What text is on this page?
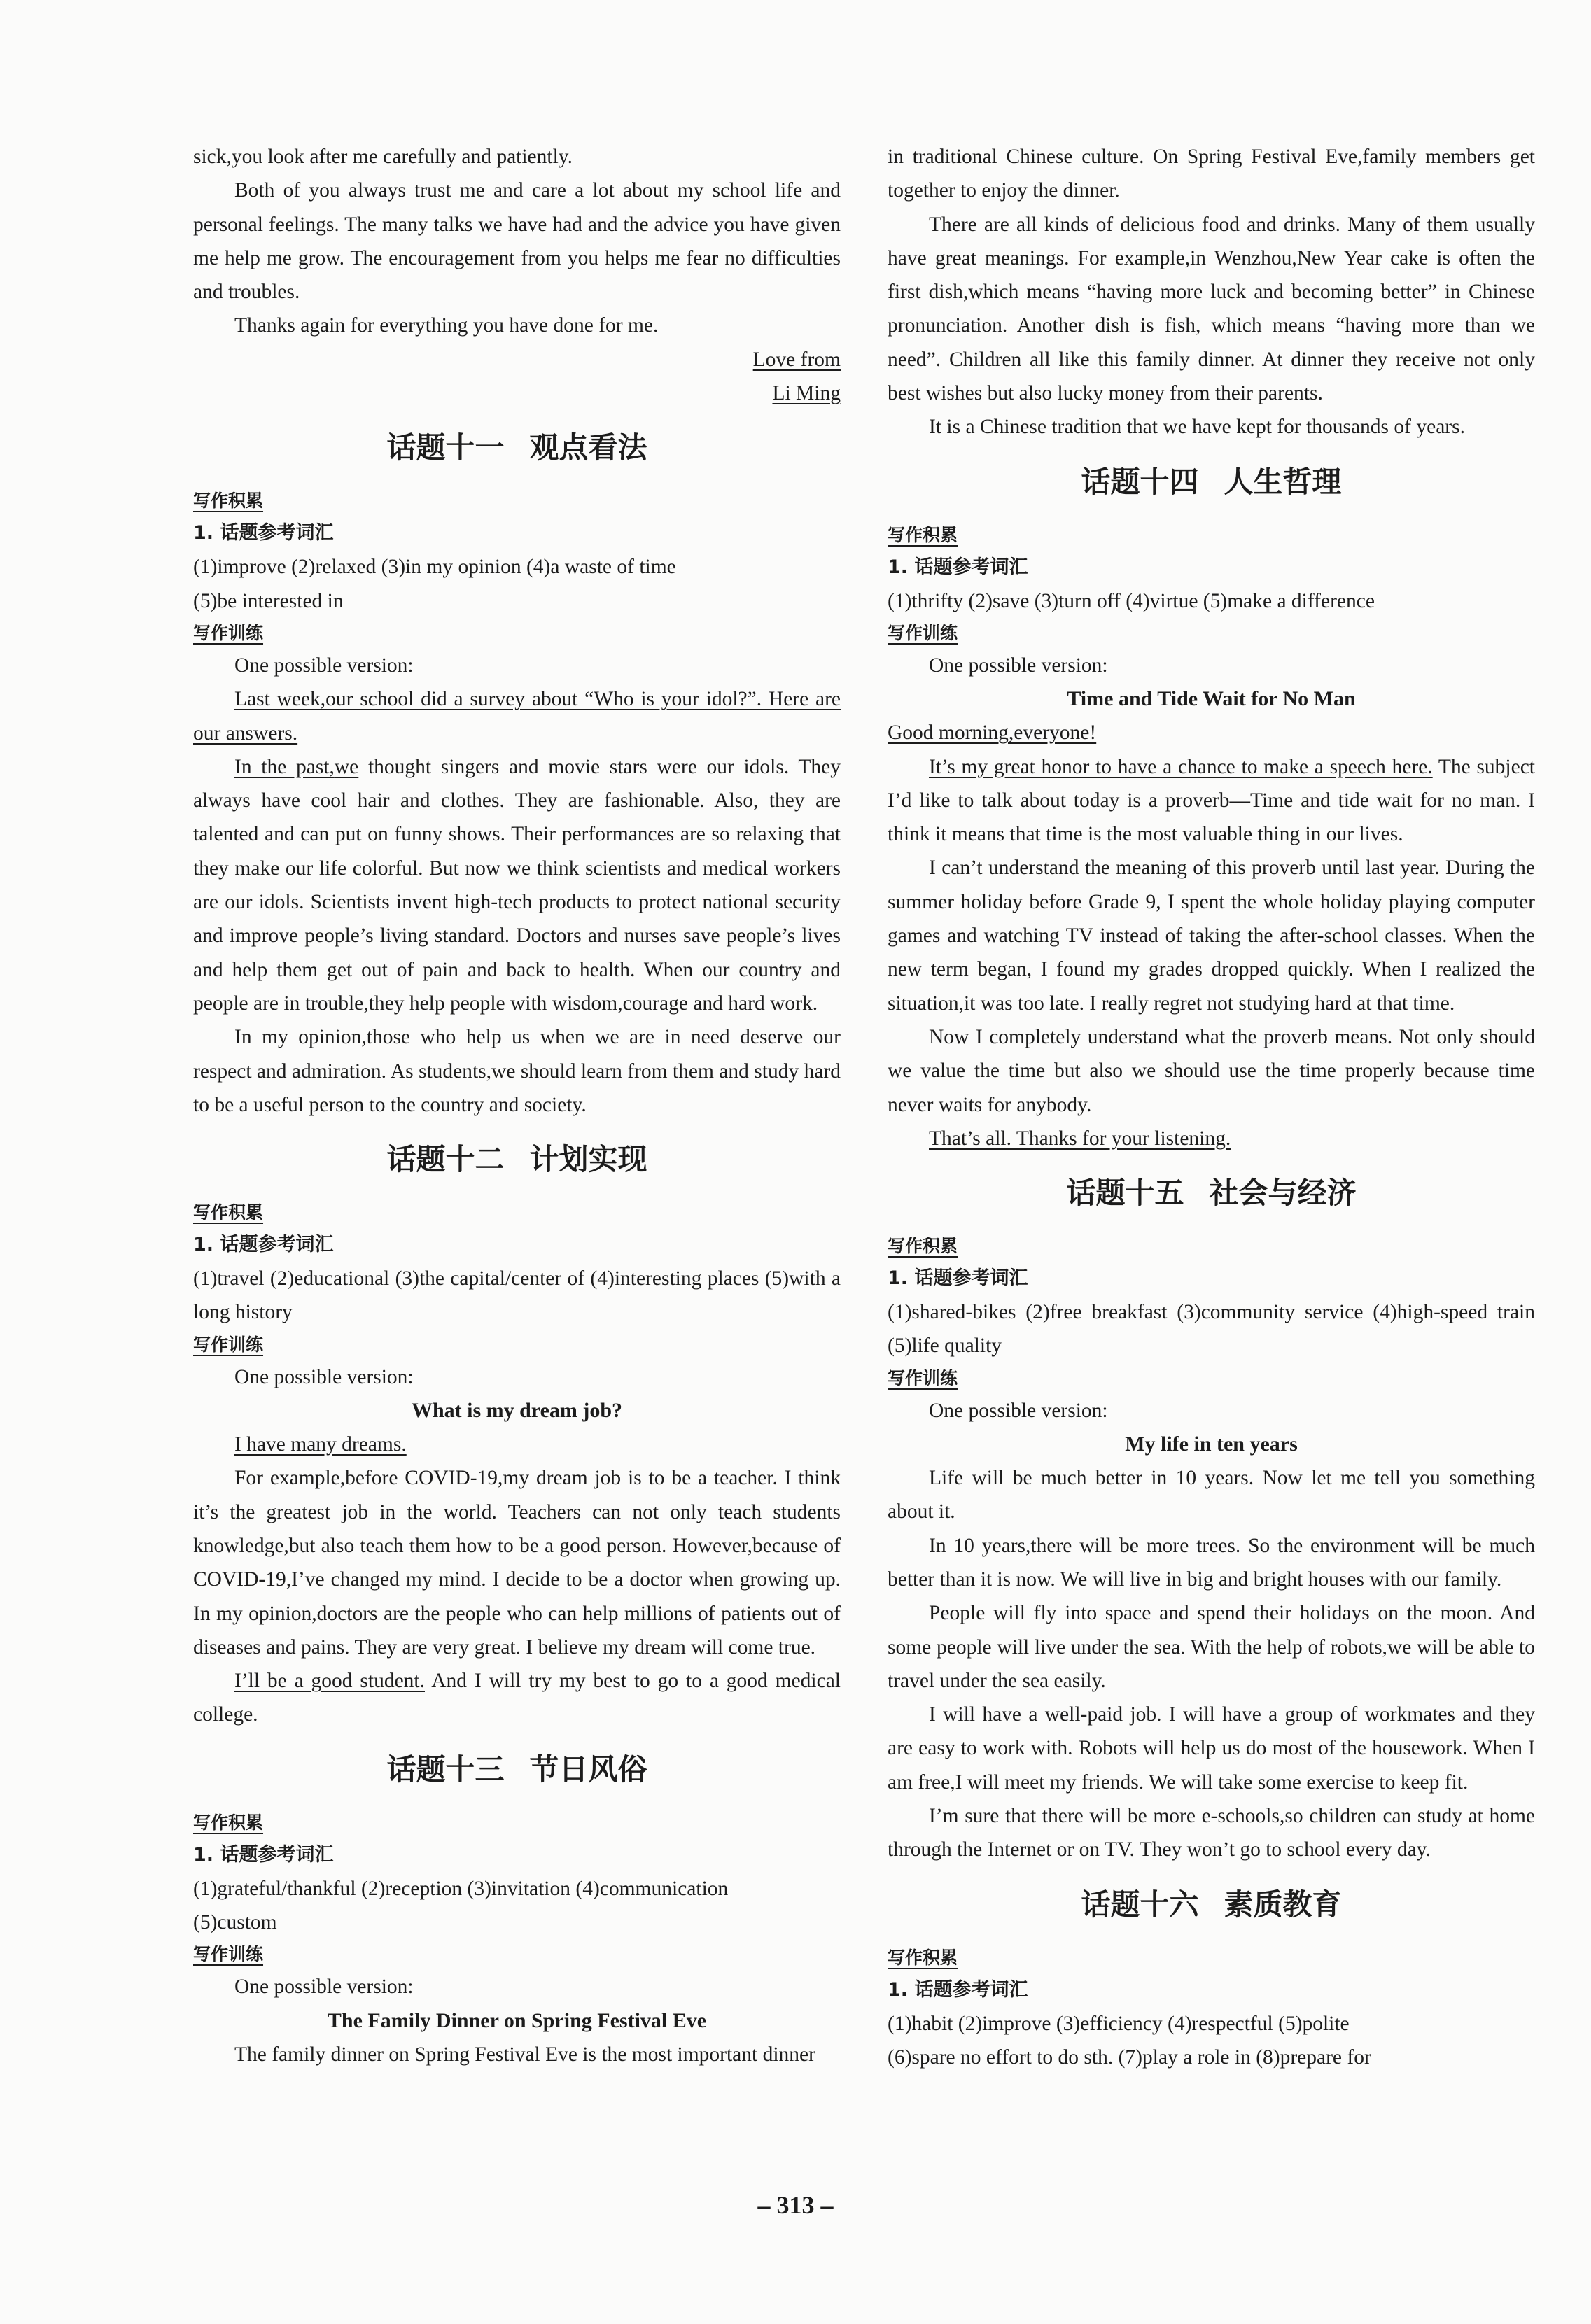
sick,you look after me carefully and patiently.

Both of you always trust me and care a lot about my school life and personal feelings. The many talks we have had and the advice you have given me help me grow. The encouragement from you helps me fear no difficulties and troubles.

Thanks again for everything you have done for me.

Love from

Li Ming

话题十一 观点看法
写作积累
1. 话题参考词汇

(1)improve (2)relaxed (3)in my opinion (4)a waste of time

(5)be interested in

写作训练

One possible version:

Last week,our school did a survey about “Who is your idol?”. Here are our answers.

In the past,we thought singers and movie stars were our idols. They always have cool hair and clothes. They are fashionable. Also, they are talented and can put on funny shows. Their performances are so relaxing that they make our life colorful. But now we think scientists and medical workers are our idols. Scientists invent high-tech products to protect national security and improve people’s living standard. Doctors and nurses save people’s lives and help them get out of pain and back to health. When our country and people are in trouble,they help people with wisdom,courage and hard work.

In my opinion,those who help us when we are in need deserve our respect and admiration. As students,we should learn from them and study hard to be a useful person to the country and society.

话题十二 计划实现
写作积累
1. 话题参考词汇

(1)travel (2)educational (3)the capital/center of (4)interesting places (5)with a long history

写作训练

One possible version:

What is my dream job?

I have many dreams.

For example,before COVID-19,my dream job is to be a teacher. I think it’s the greatest job in the world. Teachers can not only teach students knowledge,but also teach them how to be a good person. However,because of COVID-19,I’ve changed my mind. I decide to be a doctor when growing up. In my opinion,doctors are the people who can help millions of patients out of diseases and pains. They are very great. I believe my dream will come true.

I’ll be a good student. And I will try my best to go to a good medical college.

话题十三 节日风俗
写作积累
1. 话题参考词汇

(1)grateful/thankful (2)reception (3)invitation (4)communication

(5)custom

写作训练

One possible version:

The Family Dinner on Spring Festival Eve

The family dinner on Spring Festival Eve is the most important dinner

in traditional Chinese culture. On Spring Festival Eve,family members get together to enjoy the dinner.

There are all kinds of delicious food and drinks. Many of them usually have great meanings. For example,in Wenzhou,New Year cake is often the first dish,which means “having more luck and becoming better” in Chinese pronunciation. Another dish is fish, which means “having more than we need”. Children all like this family dinner. At dinner they receive not only best wishes but also lucky money from their parents.

It is a Chinese tradition that we have kept for thousands of years.

话题十四 人生哲理
写作积累
1. 话题参考词汇

(1)thrifty (2)save (3)turn off (4)virtue (5)make a difference

写作训练

One possible version:

Time and Tide Wait for No Man

Good morning,everyone!

It’s my great honor to have a chance to make a speech here. The subject I’d like to talk about today is a proverb—Time and tide wait for no man. I think it means that time is the most valuable thing in our lives.

I can’t understand the meaning of this proverb until last year. During the summer holiday before Grade 9, I spent the whole holiday playing computer games and watching TV instead of taking the after-school classes. When the new term began, I found my grades dropped quickly. When I realized the situation,it was too late. I really regret not studying hard at that time.

Now I completely understand what the proverb means. Not only should we value the time but also we should use the time properly because time never waits for anybody.

That’s all. Thanks for your listening.

话题十五 社会与经济
写作积累
1. 话题参考词汇

(1)shared-bikes (2)free breakfast (3)community service (4)high-speed train (5)life quality

写作训练

One possible version:

My life in ten years

Life will be much better in 10 years. Now let me tell you something about it.

In 10 years,there will be more trees. So the environment will be much better than it is now. We will live in big and bright houses with our family.

People will fly into space and spend their holidays on the moon. And some people will live under the sea. With the help of robots,we will be able to travel under the sea easily.

I will have a well-paid job. I will have a group of workmates and they are easy to work with. Robots will help us do most of the housework. When I am free,I will meet my friends. We will take some exercise to keep fit.

I’m sure that there will be more e-schools,so children can study at home through the Internet or on TV. They won’t go to school every day.

话题十六 素质教育
写作积累
1. 话题参考词汇

(1)habit (2)improve (3)efficiency (4)respectful (5)polite

(6)spare no effort to do sth. (7)play a role in (8)prepare for

– 313 –
